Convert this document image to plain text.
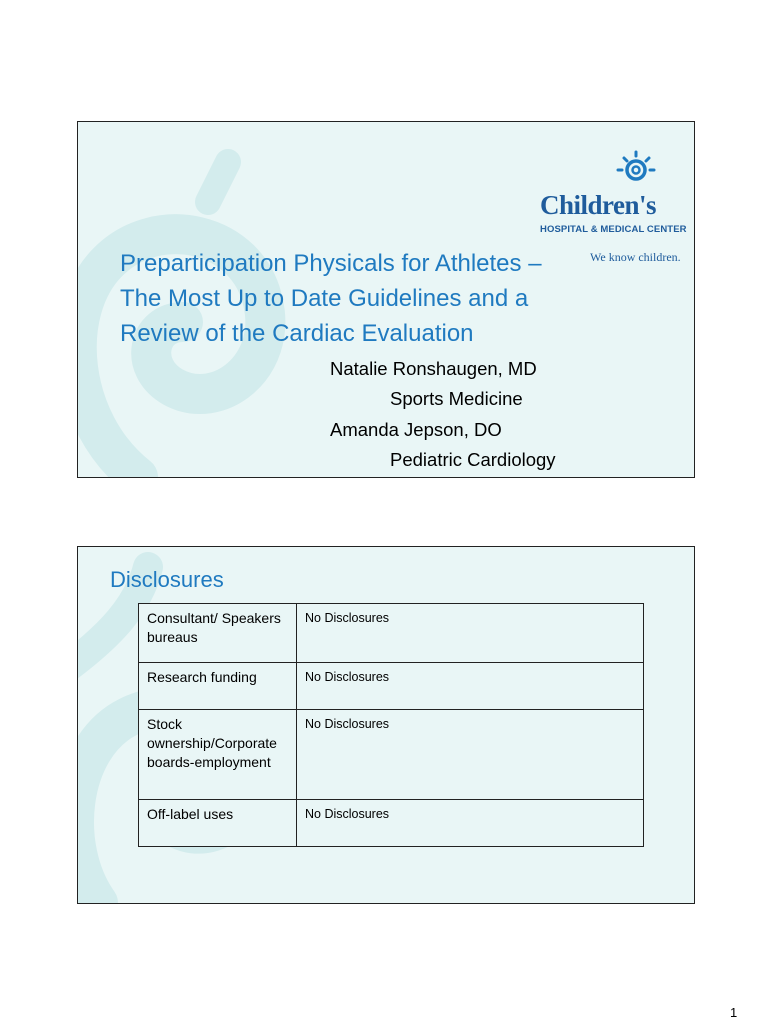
Children's
HOSPITAL & MEDICAL CENTER
We know children.
Preparticipation Physicals for Athletes –
The Most Up to Date Guidelines and a
Review of the Cardiac Evaluation
Natalie Ronshaugen, MD
Sports Medicine
Amanda Jepson, DO
Pediatric Cardiology
Disclosures
Consultant/ Speakers bureaus	No Disclosures
Research funding	No Disclosures
Stock ownership/Corporate boards-employment	No Disclosures
Off-label uses	No Disclosures
1
